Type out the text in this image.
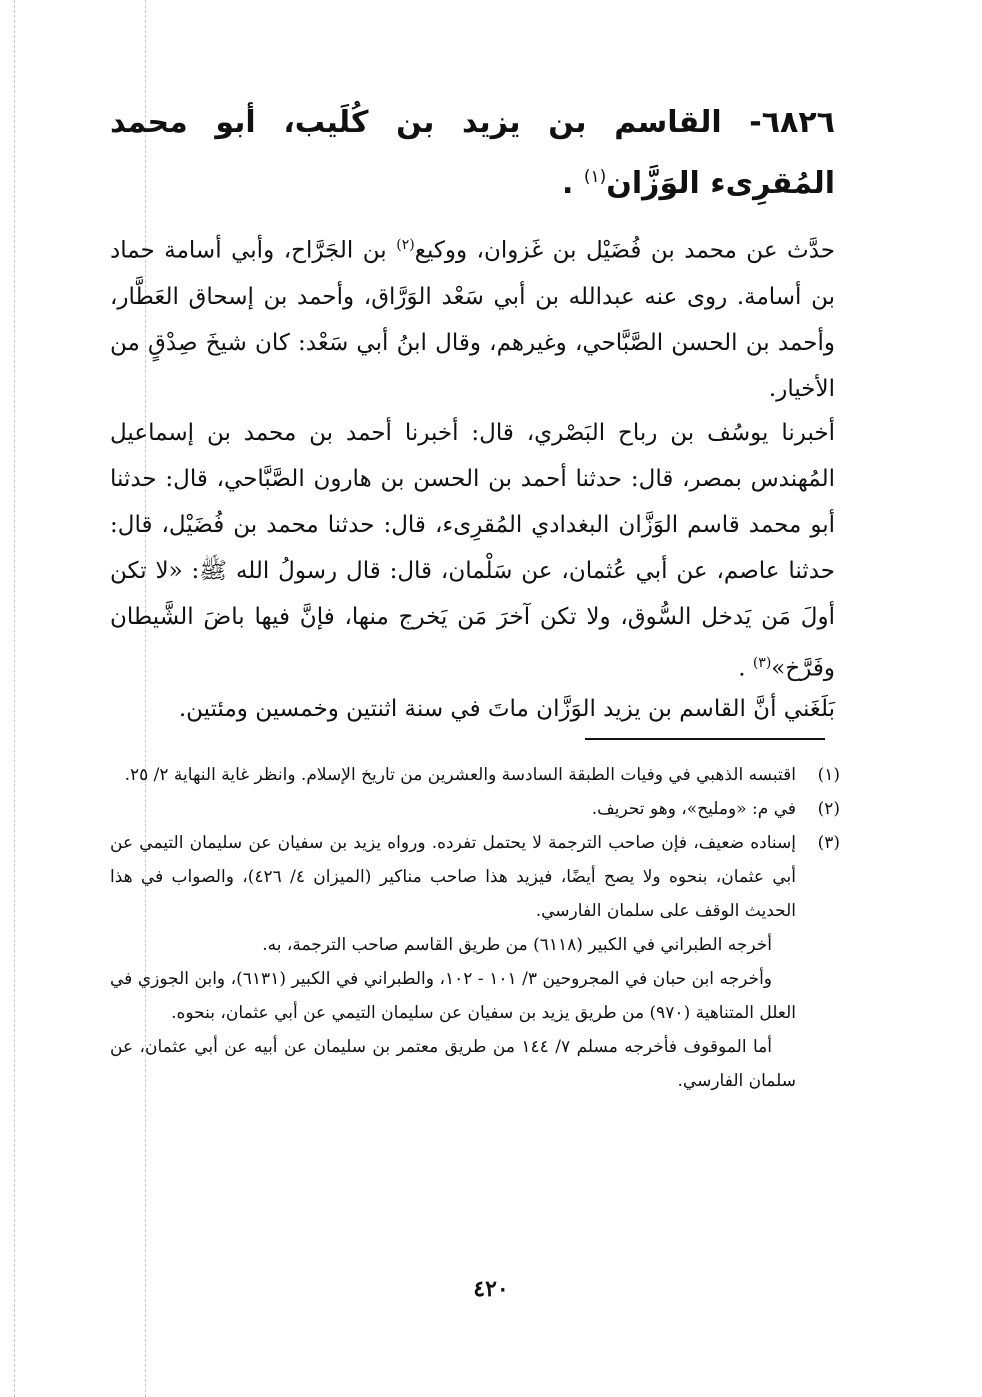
٦٨٢٦- القاسم بن يزيد بن كُلَيب، أبو محمد المُقرِىء الوَزَّان$^{(١)}$ .

حدَّث عن محمد بن فُضَيْل بن غَزوان، ووكيع$^{(٢)}$ بن الجَرَّاح، وأبي أسامة حماد بن أسامة. روى عنه عبدالله بن أبي سَعْد الوَرَّاق، وأحمد بن إسحاق العَطَّار، وأحمد بن الحسن الصَّبَّاحي، وغيرهم، وقال ابنُ أبي سَعْد: كان شيخَ صِدْقٍ من الأخيار.

أخبرنا يوسُف بن رباح البَصْري، قال: أخبرنا أحمد بن محمد بن إسماعيل المُهندس بمصر، قال: حدثنا أحمد بن الحسن بن هارون الصَّبَّاحي، قال: حدثنا أبو محمد قاسم الوَزَّان البغدادي المُقرِىء، قال: حدثنا محمد بن فُضَيْل، قال: حدثنا عاصم، عن أبي عُثمان، عن سَلْمان، قال: قال رسولُ الله ﷺ: «لا تكن أولَ مَن يَدخل السُّوق، ولا تكن آخرَ مَن يَخرج منها، فإنَّ فيها باضَ الشَّيطان وفَرَّخ»$^{(٣)}$ .

بَلَغَني أنَّ القاسم بن يزيد الوَزَّان ماتَ في سنة اثنتين وخمسين ومئتين.

(١)
اقتبسه الذهبي في وفيات الطبقة السادسة والعشرين من تاريخ الإسلام. وانظر غاية النهاية ٢/ ٢٥.
(٢)
في م: «ومليح»، وهو تحريف.
(٣)
إسناده ضعيف، فإن صاحب الترجمة لا يحتمل تفرده. ورواه يزيد بن سفيان عن سليمان التيمي عن أبي عثمان، بنحوه ولا يصح أيضًا، فيزيد هذا صاحب مناكير (الميزان ٤/ ٤٢٦)، والصواب في هذا الحديث الوقف على سلمان الفارسي.

أخرجه الطبراني في الكبير (٦١١٨) من طريق القاسم صاحب الترجمة، به.

وأخرجه ابن حبان في المجروحين ٣/ ١٠١ - ١٠٢، والطبراني في الكبير (٦١٣١)، وابن الجوزي في العلل المتناهية (٩٧٠) من طريق يزيد بن سفيان عن سليمان التيمي عن أبي عثمان، بنحوه.

أما الموقوف فأخرجه مسلم ٧/ ١٤٤ من طريق معتمر بن سليمان عن أبيه عن أبي عثمان، عن سلمان الفارسي.

٤٢٠
